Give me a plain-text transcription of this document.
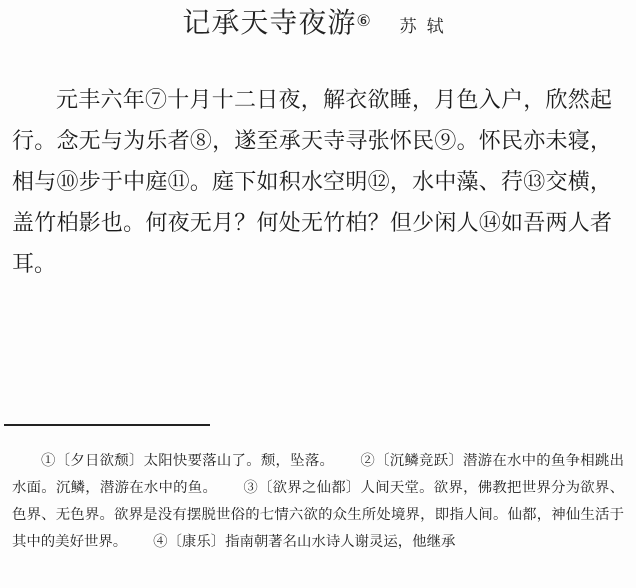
记承天寺夜游⑥ 苏轼

元丰六年⑦十月十二日夜，解衣欲睡，月色入户，欣然起行。念无与为乐者⑧，遂至承天寺寻张怀民⑨。怀民亦未寝，相与⑩步于中庭⑪。庭下如积水空明⑫，水中藻、荇⑬交横，盖竹柏影也。何夜无月？何处无竹柏？但少闲人⑭如吾两人者耳。

①〔夕日欲颓〕太阳快要落山了。颓，坠落。 ②〔沉鳞竞跃〕潜游在水中的鱼争相跳出水面。沉鳞，潜游在水中的鱼。 ③〔欲界之仙都〕人间天堂。欲界，佛教把世界分为欲界、色界、无色界。欲界是没有摆脱世俗的七情六欲的众生所处境界，即指人间。仙都，神仙生活于其中的美好世界。 ④〔康乐〕指南朝著名山水诗人谢灵运，他继承
